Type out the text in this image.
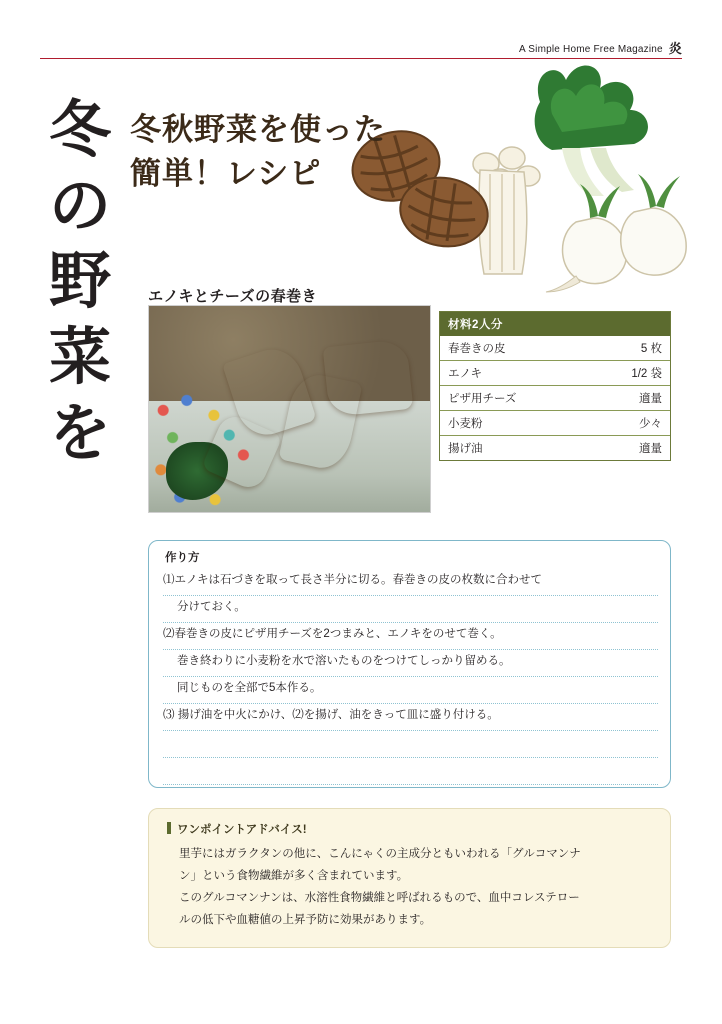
A Simple Home Free Magazine 炎
冬
の
野
菜
を
冬秋野菜を使った
簡単！レシピ
エノキとチーズの春巻き
材料2人分
春巻きの皮	5 枚
エノキ	1/2 袋
ピザ用チーズ	適量
小麦粉	少々
揚げ油	適量
作り方
⑴エノキは石づきを取って長さ半分に切る。春巻きの皮の枚数に合わせて
分けておく。
⑵春巻きの皮にピザ用チーズを2つまみと、エノキをのせて巻く。
巻き終わりに小麦粉を水で溶いたものをつけてしっかり留める。
同じものを全部で5本作る。
⑶ 揚げ油を中火にかけ、⑵を揚げ、油をきって皿に盛り付ける。
ワンポイントアドバイス!

里芋にはガラクタンの他に、こんにゃくの主成分ともいわれる「グルコマンナ

ン」という食物繊維が多く含まれています。

このグルコマンナンは、水溶性食物繊維と呼ばれるもので、血中コレステロー

ルの低下や血糖値の上昇予防に効果があります。
